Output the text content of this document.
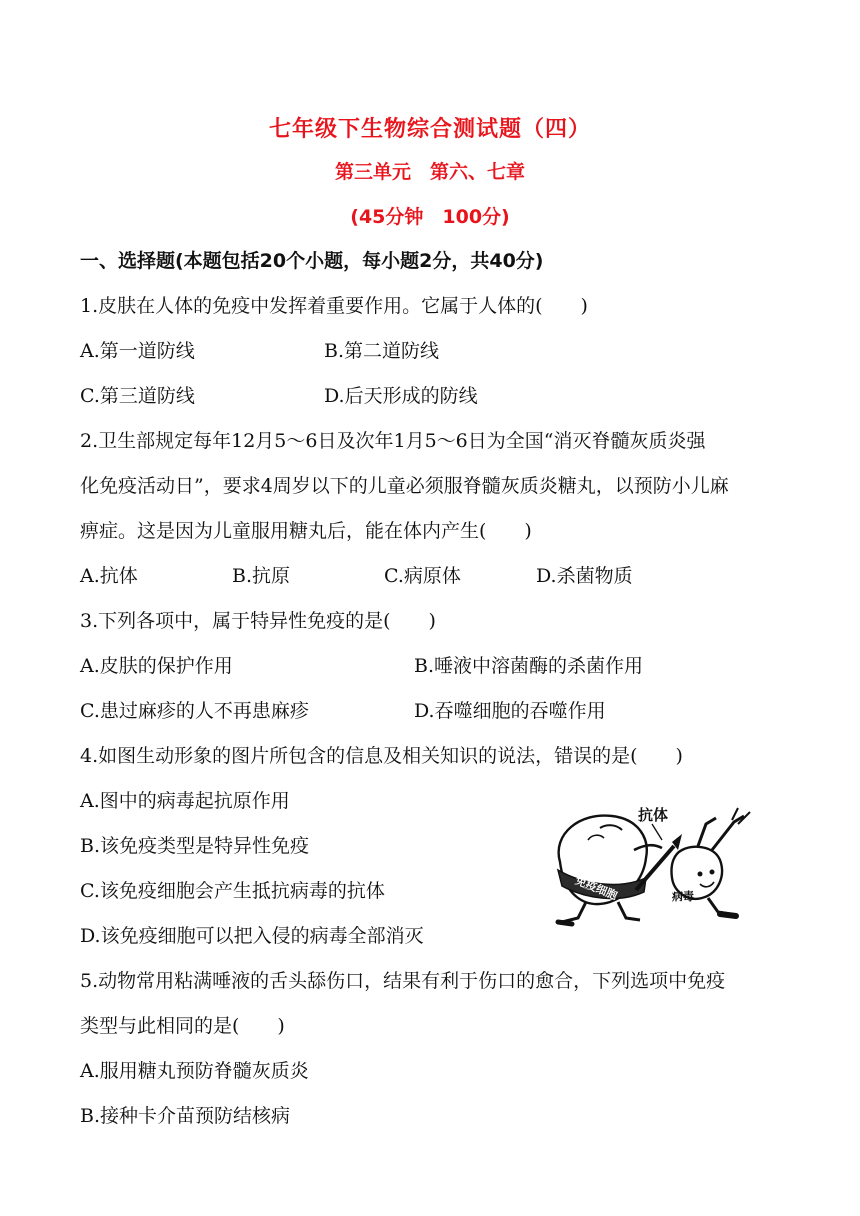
七年级下生物综合测试题（四）
第三单元　第六、七章
(45分钟　100分)
一、选择题(本题包括20个小题，每小题2分，共40分)
1.皮肤在人体的免疫中发挥着重要作用。它属于人体的(　　)
A.第一道防线	B.第二道防线
C.第三道防线	D.后天形成的防线
2.卫生部规定每年12月5～6日及次年1月5～6日为全国“消灭脊髓灰质炎强
化免疫活动日”，要求4周岁以下的儿童必须服脊髓灰质炎糖丸，以预防小儿麻
痹症。这是因为儿童服用糖丸后，能在体内产生(　　)
A.抗体	B.抗原	C.病原体	D.杀菌物质
3.下列各项中，属于特异性免疫的是(　　)
A.皮肤的保护作用	B.唾液中溶菌酶的杀菌作用
C.患过麻疹的人不再患麻疹	D.吞噬细胞的吞噬作用
4.如图生动形象的图片所包含的信息及相关知识的说法，错误的是(　　)
A.图中的病毒起抗原作用
B.该免疫类型是特异性免疫
C.该免疫细胞会产生抵抗病毒的抗体
D.该免疫细胞可以把入侵的病毒全部消灭
免疫细胞
抗体
病毒
5.动物常用粘满唾液的舌头舔伤口，结果有利于伤口的愈合，下列选项中免疫
类型与此相同的是(　　)
A.服用糖丸预防脊髓灰质炎
B.接种卡介苗预防结核病
